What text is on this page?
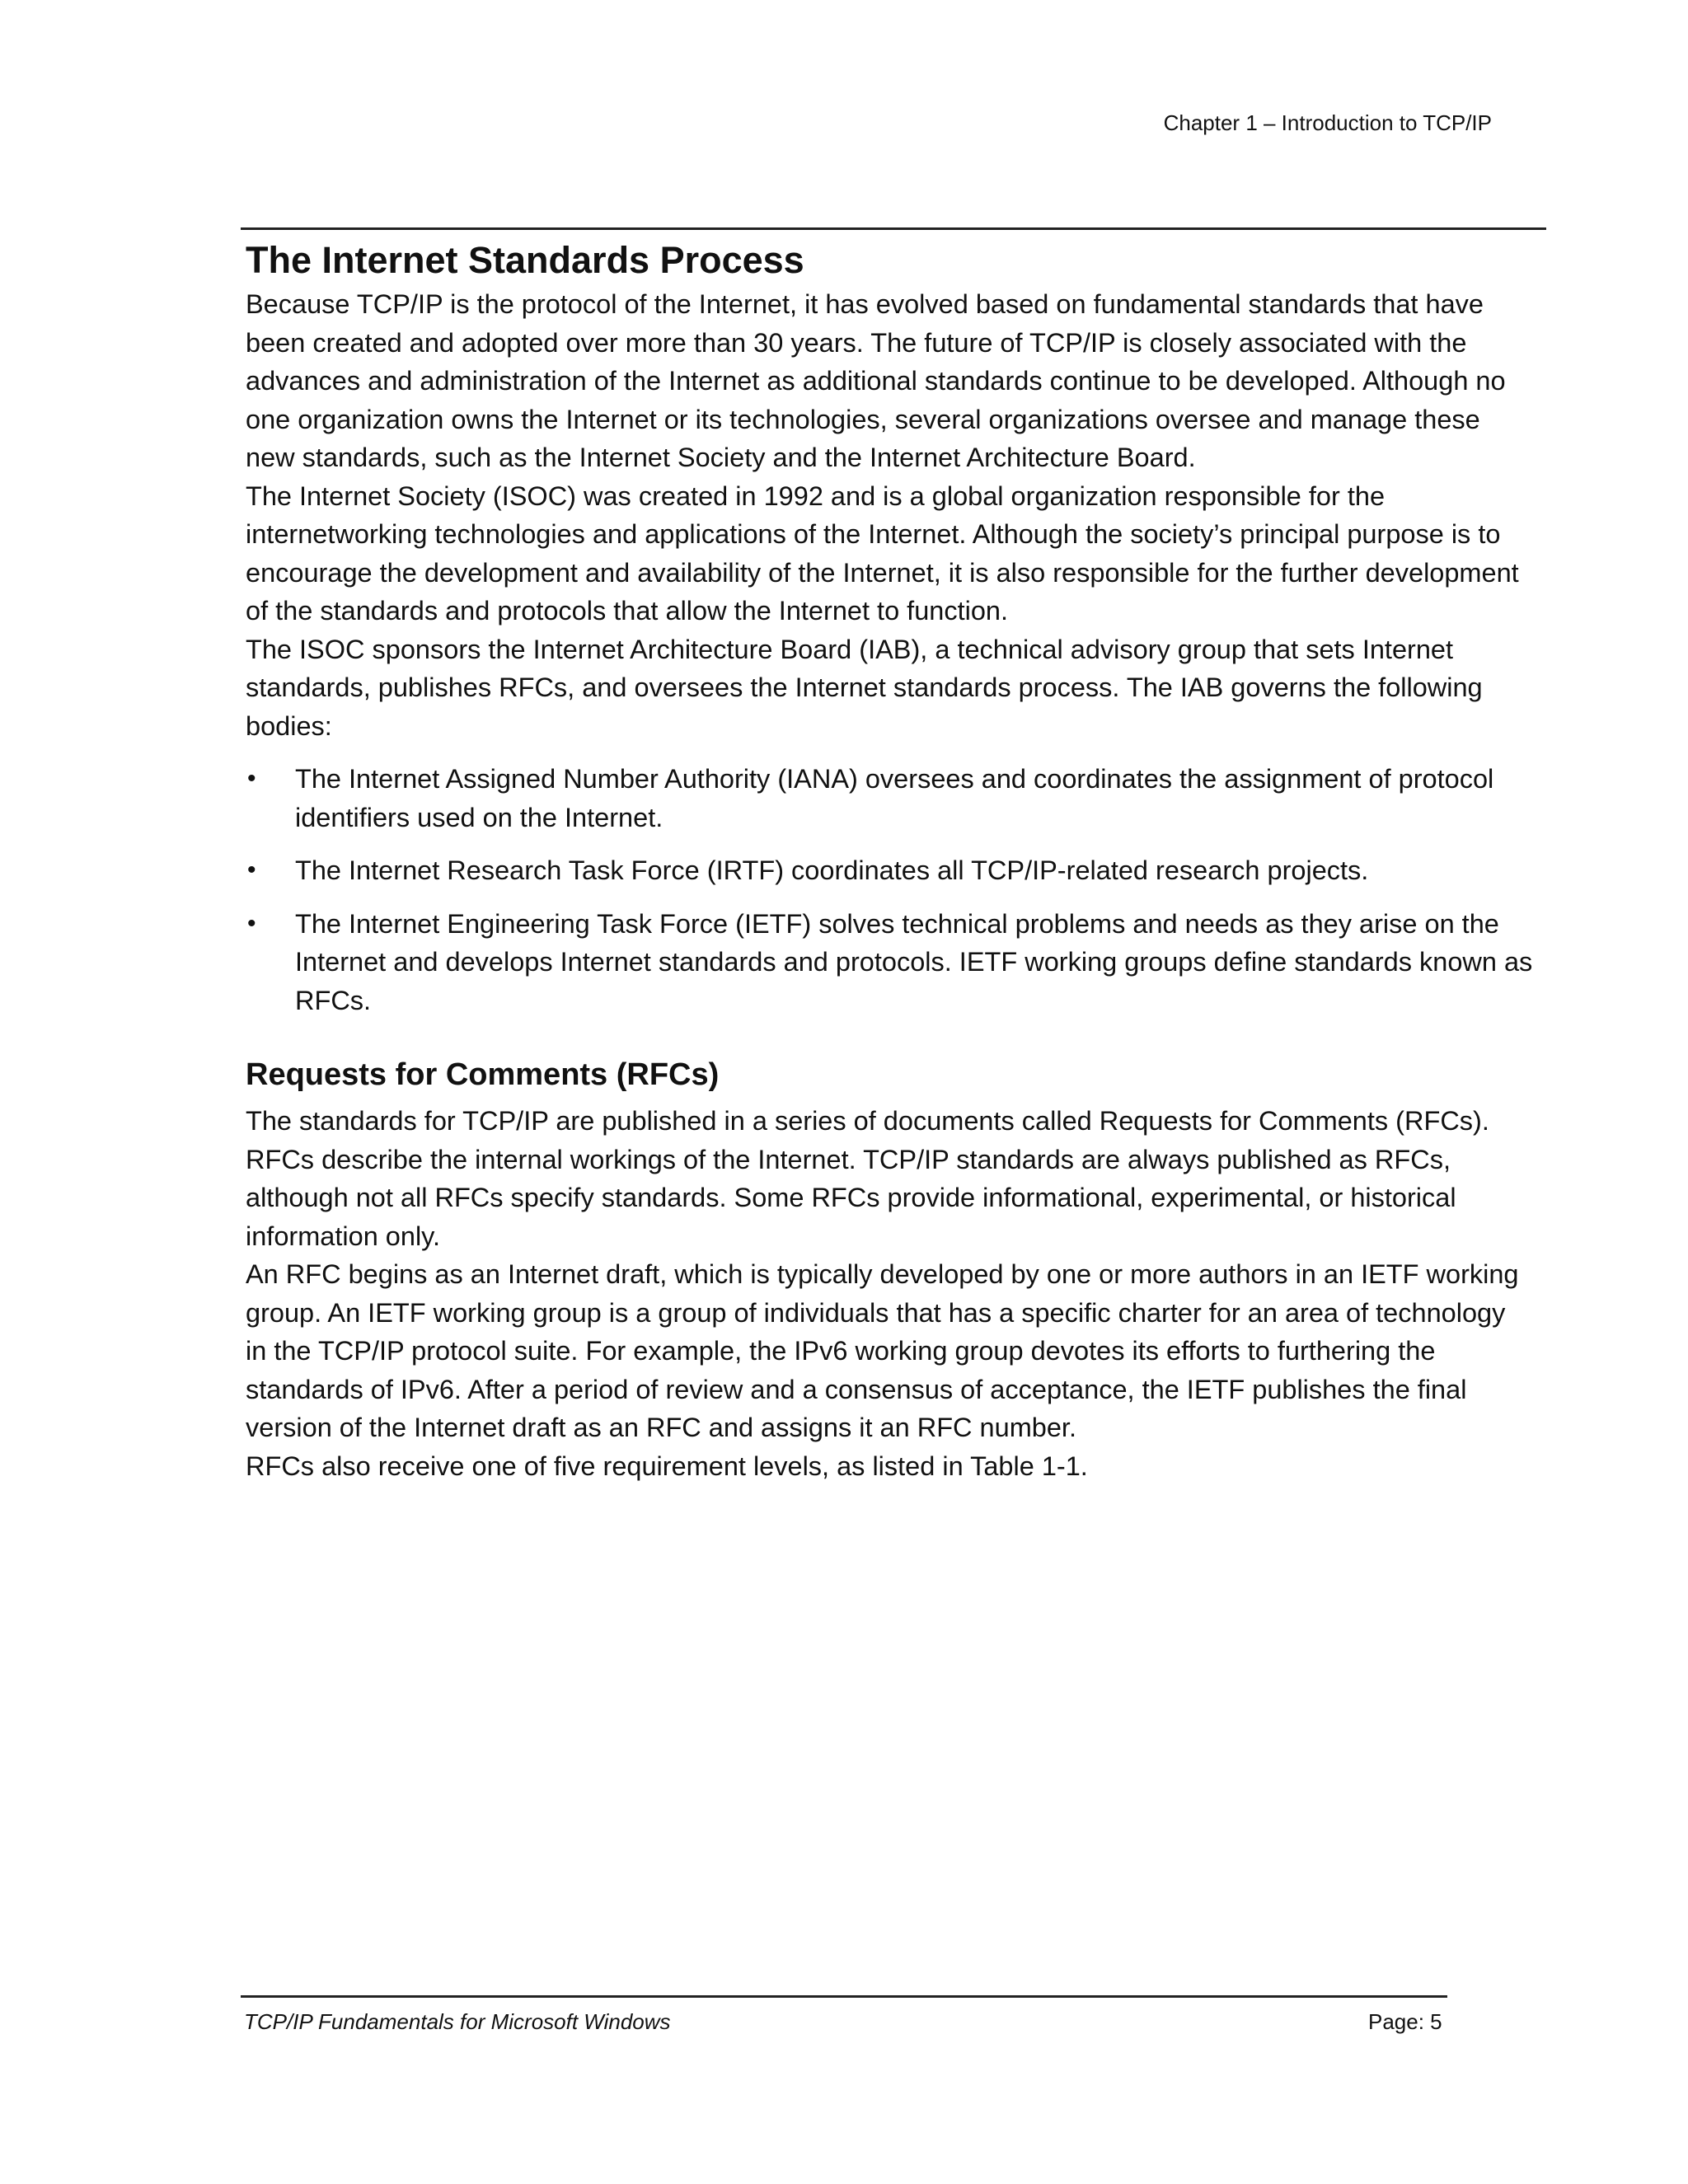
Chapter 1 – Introduction to TCP/IP
The Internet Standards Process

Because TCP/IP is the protocol of the Internet, it has evolved based on fundamental standards that have been created and adopted over more than 30 years. The future of TCP/IP is closely associated with the advances and administration of the Internet as additional standards continue to be developed. Although no one organization owns the Internet or its technologies, several organizations oversee and manage these new standards, such as the Internet Society and the Internet Architecture Board.

The Internet Society (ISOC) was created in 1992 and is a global organization responsible for the internetworking technologies and applications of the Internet. Although the society’s principal purpose is to encourage the development and availability of the Internet, it is also responsible for the further development of the standards and protocols that allow the Internet to function.

The ISOC sponsors the Internet Architecture Board (IAB), a technical advisory group that sets Internet standards, publishes RFCs, and oversees the Internet standards process. The IAB governs the following bodies:

• The Internet Assigned Number Authority (IANA) oversees and coordinates the assignment of protocol identifiers used on the Internet.
• The Internet Research Task Force (IRTF) coordinates all TCP/IP-related research projects.
• The Internet Engineering Task Force (IETF) solves technical problems and needs as they arise on the Internet and develops Internet standards and protocols. IETF working groups define standards known as RFCs.
Requests for Comments (RFCs)

The standards for TCP/IP are published in a series of documents called Requests for Comments (RFCs). RFCs describe the internal workings of the Internet. TCP/IP standards are always published as RFCs, although not all RFCs specify standards. Some RFCs provide informational, experimental, or historical information only.

An RFC begins as an Internet draft, which is typically developed by one or more authors in an IETF working group. An IETF working group is a group of individuals that has a specific charter for an area of technology in the TCP/IP protocol suite. For example, the IPv6 working group devotes its efforts to furthering the standards of IPv6. After a period of review and a consensus of acceptance, the IETF publishes the final version of the Internet draft as an RFC and assigns it an RFC number.

RFCs also receive one of five requirement levels, as listed in Table 1-1.

TCP/IP Fundamentals for Microsoft Windows	Page: 5
